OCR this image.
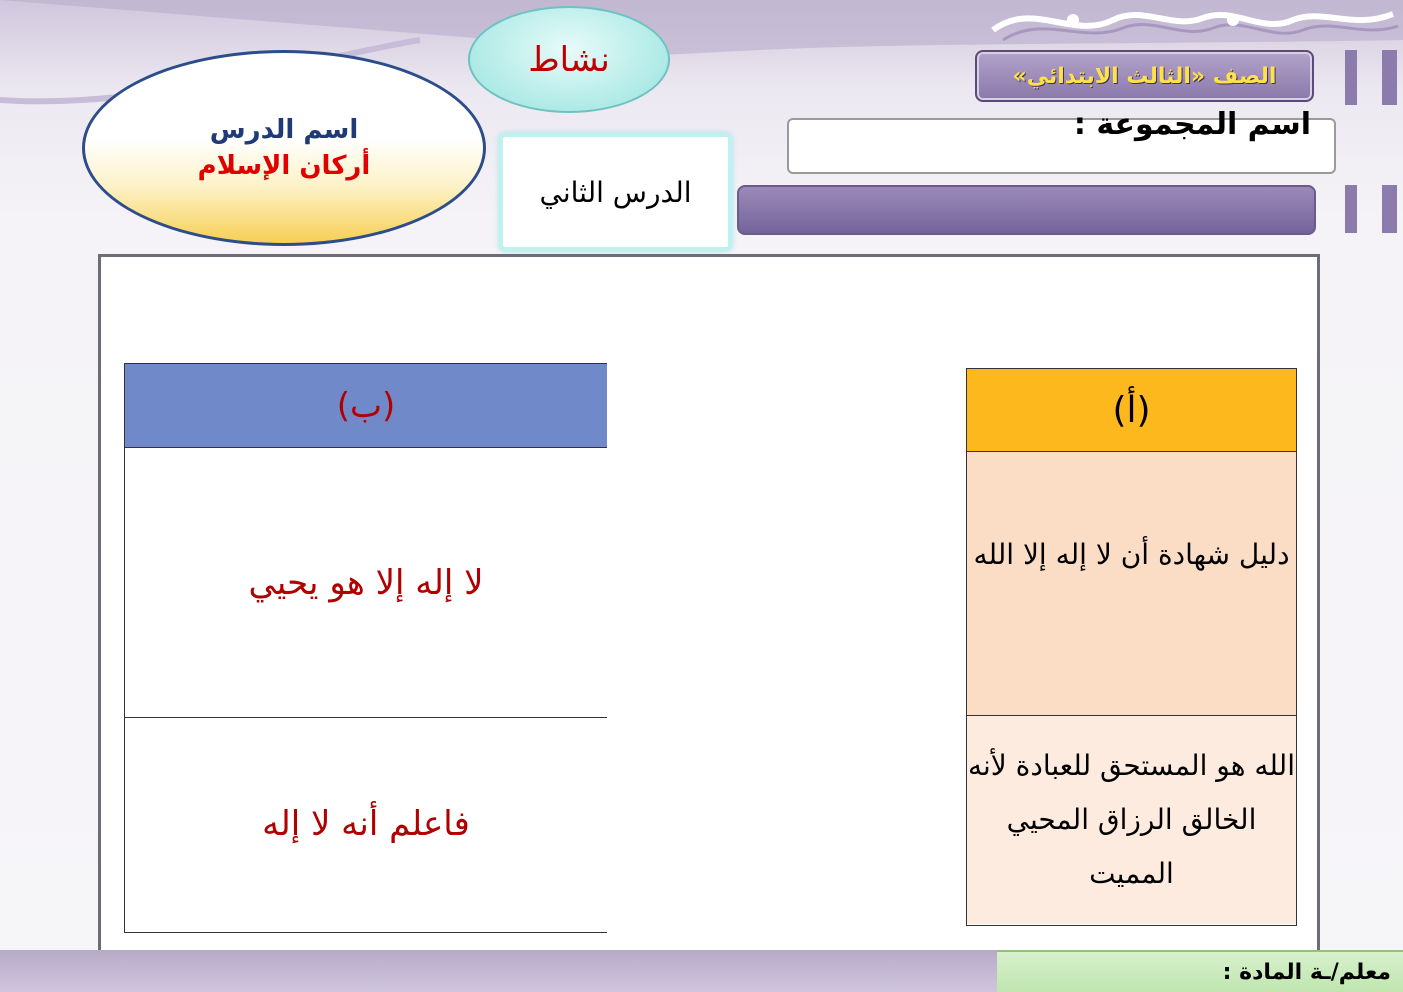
الصف «الثالث الابتدائي»
اسم المجموعة :
نشاط
اسم الدرس
أركان الإسلام
الدرس الثاني
(ب)
لا إله إلا هو يحيي
فاعلم أنه لا إله
(أ)
دليل شهادة أن لا إله إلا الله
الله هو المستحق للعبادة لأنه الخالق الرزاق المحيي المميت
معلم/ـة المادة :
